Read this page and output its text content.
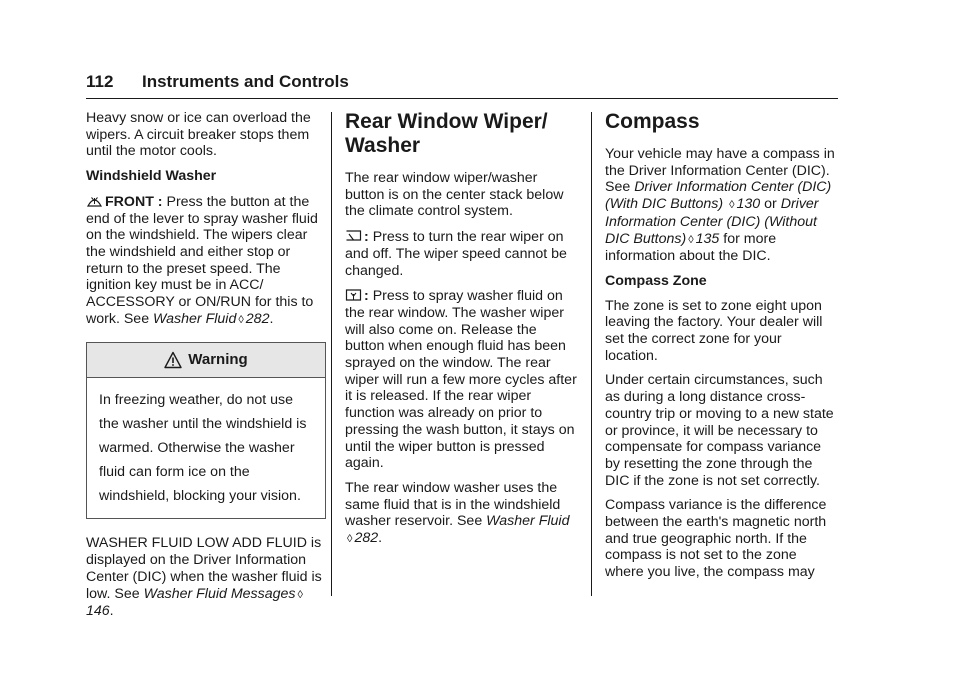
112 Instruments and Controls

Heavy snow or ice can overload the wipers. A circuit breaker stops them until the motor cools.

Windshield Washer

FRONT : Press the button at the end of the lever to spray washer fluid on the windshield. The wipers clear the windshield and either stop or return to the preset speed. The ignition key must be in ACC/ ACCESSORY or ON/RUN for this to work. See Washer Fluid ◊ 282.

Warning
In freezing weather, do not use the washer until the windshield is warmed. Otherwise the washer fluid can form ice on the windshield, blocking your vision.

WASHER FLUID LOW ADD FLUID is displayed on the Driver Information Center (DIC) when the washer fluid is low. See Washer Fluid Messages ◊146.

Rear Window Wiper/ Washer

The rear window wiper/washer button is on the center stack below the climate control system.

: Press to turn the rear wiper on and off. The wiper speed cannot be changed.

: Press to spray washer fluid on the rear window. The washer wiper will also come on. Release the button when enough fluid has been sprayed on the window. The rear wiper will run a few more cycles after it is released. If the rear wiper function was already on prior to pressing the wash button, it stays on until the wiper button is pressed again.

The rear window washer uses the same fluid that is in the windshield washer reservoir. See Washer Fluid◊ 282.

Compass

Your vehicle may have a compass in the Driver Information Center (DIC). See Driver Information Center (DIC) (With DIC Buttons) ◊ 130 or Driver Information Center (DIC) (Without DIC Buttons) ◊ 135 for more information about the DIC.

Compass Zone

The zone is set to zone eight upon leaving the factory. Your dealer will set the correct zone for your location.

Under certain circumstances, such as during a long distance cross-country trip or moving to a new state or province, it will be necessary to compensate for compass variance by resetting the zone through the DIC if the zone is not set correctly.

Compass variance is the difference between the earth's magnetic north and true geographic north. If the compass is not set to the zone where you live, the compass may
